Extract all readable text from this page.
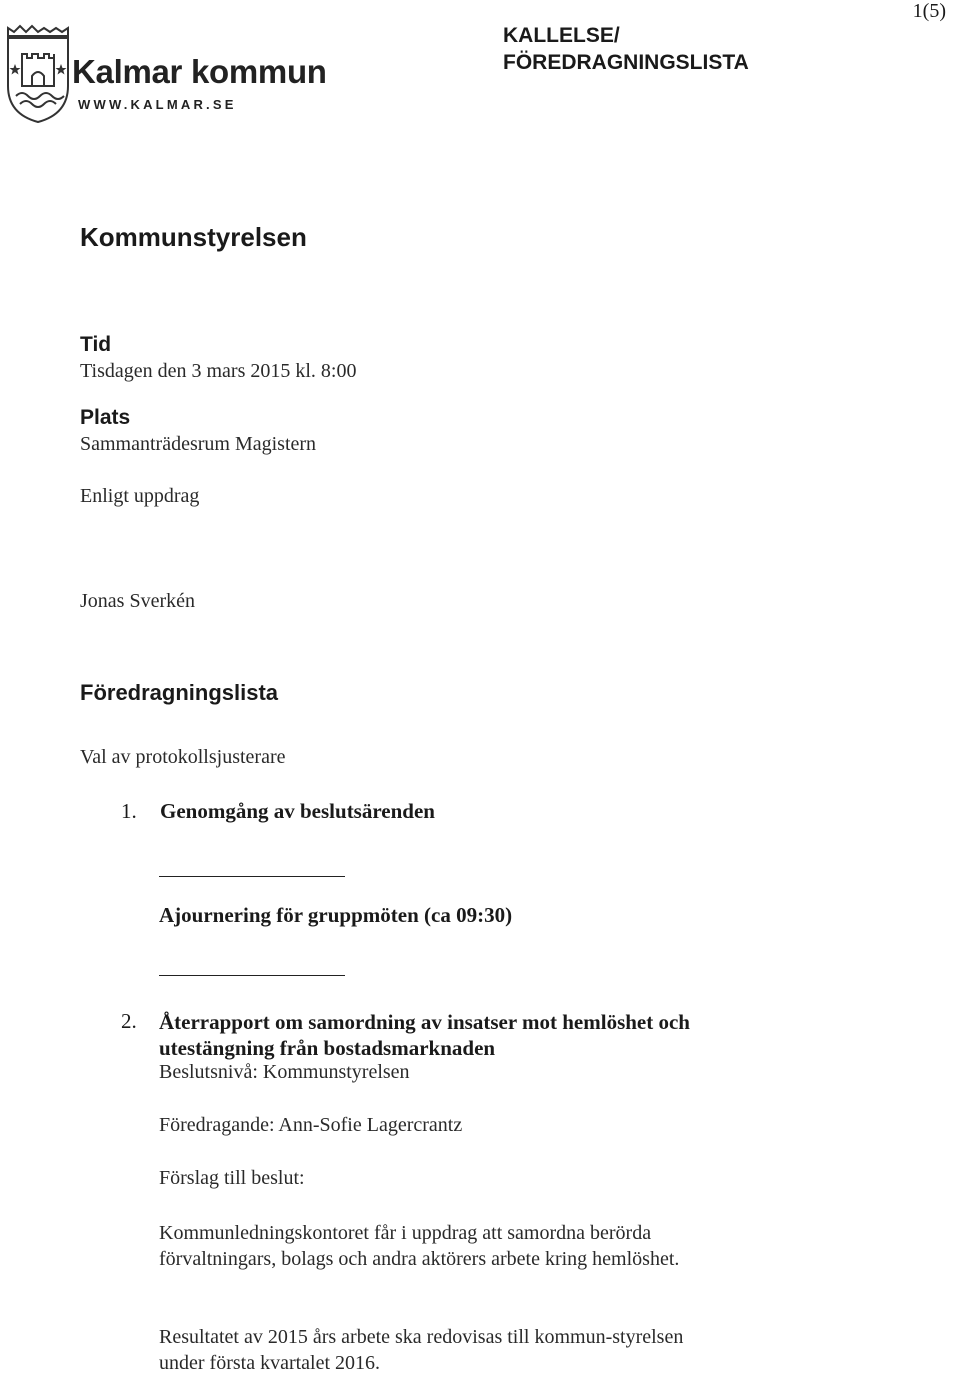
1(5)
Kalmar kommun
WWW.KALMAR.SE
KALLELSE/
FÖREDRAGNINGSLISTA
Kommunstyrelsen
Tid
Tisdagen den 3 mars 2015 kl. 8:00
Plats
Sammanträdesrum Magistern
Enligt uppdrag
Jonas Sverkén
Föredragningslista
Val av protokollsjusterare
1. Genomgång av beslutsärenden
Ajournering för gruppmöten (ca 09:30)
2. Återrapport om samordning av insatser mot hemlöshet och utestängning från bostadsmarknaden
Beslutsnivå: Kommunstyrelsen
Föredragande: Ann-Sofie Lagercrantz
Förslag till beslut:
Kommunledningskontoret får i uppdrag att samordna berörda förvaltningars, bolags och andra aktörers arbete kring hemlöshet.
Resultatet av 2015 års arbete ska redovisas till kommun-styrelsen under första kvartalet 2016.
